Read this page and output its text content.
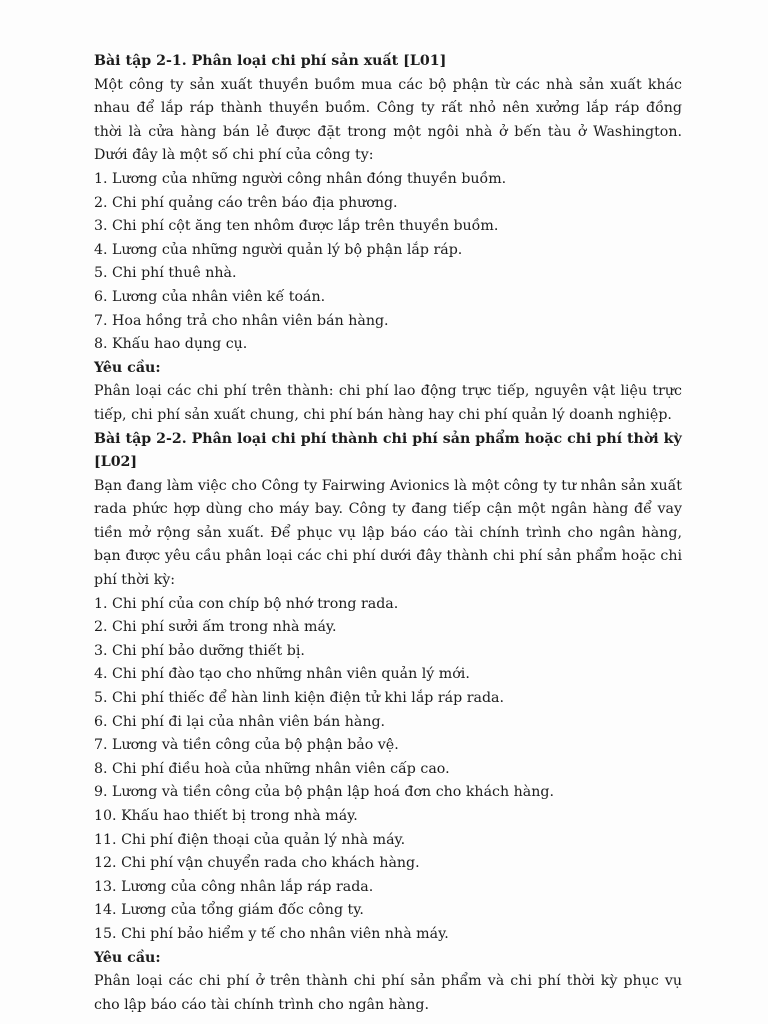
Bài tập 2-1. Phân loại chi phí sản xuất [L01]

Một công ty sản xuất thuyền buồm mua các bộ phận từ các nhà sản xuất khác nhau để lắp ráp thành thuyền buồm. Công ty rất nhỏ nên xưởng lắp ráp đồng thời là cửa hàng bán lẻ được đặt trong một ngôi nhà ở bến tàu ở Washington. Dưới đây là một số chi phí của công ty:

1. Lương của những người công nhân đóng thuyền buồm.
2. Chi phí quảng cáo trên báo địa phương.
3. Chi phí cột ăng ten nhôm được lắp trên thuyền buồm.
4. Lương của những người quản lý bộ phận lắp ráp.
5. Chi phí thuê nhà.
6. Lương của nhân viên kế toán.
7. Hoa hồng trả cho nhân viên bán hàng.
8. Khấu hao dụng cụ.

Yêu cầu:

Phân loại các chi phí trên thành: chi phí lao động trực tiếp, nguyên vật liệu trực tiếp, chi phí sản xuất chung, chi phí bán hàng hay chi phí quản lý doanh nghiệp.

Bài tập 2-2. Phân loại chi phí thành chi phí sản phẩm hoặc chi phí thời kỳ [L02]

Bạn đang làm việc cho Công ty Fairwing Avionics là một công ty tư nhân sản xuất rada phức hợp dùng cho máy bay. Công ty đang tiếp cận một ngân hàng để vay tiền mở rộng sản xuất. Để phục vụ lập báo cáo tài chính trình cho ngân hàng, bạn được yêu cầu phân loại các chi phí dưới đây thành chi phí sản phẩm hoặc chi phí thời kỳ:

1. Chi phí của con chíp bộ nhớ trong rada.
2. Chi phí sưởi ấm trong nhà máy.
3. Chi phí bảo dưỡng thiết bị.
4. Chi phí đào tạo cho những nhân viên quản lý mới.
5. Chi phí thiếc để hàn linh kiện điện tử khi lắp ráp rada.
6. Chi phí đi lại của nhân viên bán hàng.
7. Lương và tiền công của bộ phận bảo vệ.
8. Chi phí điều hoà của những nhân viên cấp cao.
9. Lương và tiền công của bộ phận lập hoá đơn cho khách hàng.
10. Khấu hao thiết bị trong nhà máy.
11. Chi phí điện thoại của quản lý nhà máy.
12. Chi phí vận chuyển rada cho khách hàng.
13. Lương của công nhân lắp ráp rada.
14. Lương của tổng giám đốc công ty.
15. Chi phí bảo hiểm y tế cho nhân viên nhà máy.

Yêu cầu:

Phân loại các chi phí ở trên thành chi phí sản phẩm và chi phí thời kỳ phục vụ cho lập báo cáo tài chính trình cho ngân hàng.
